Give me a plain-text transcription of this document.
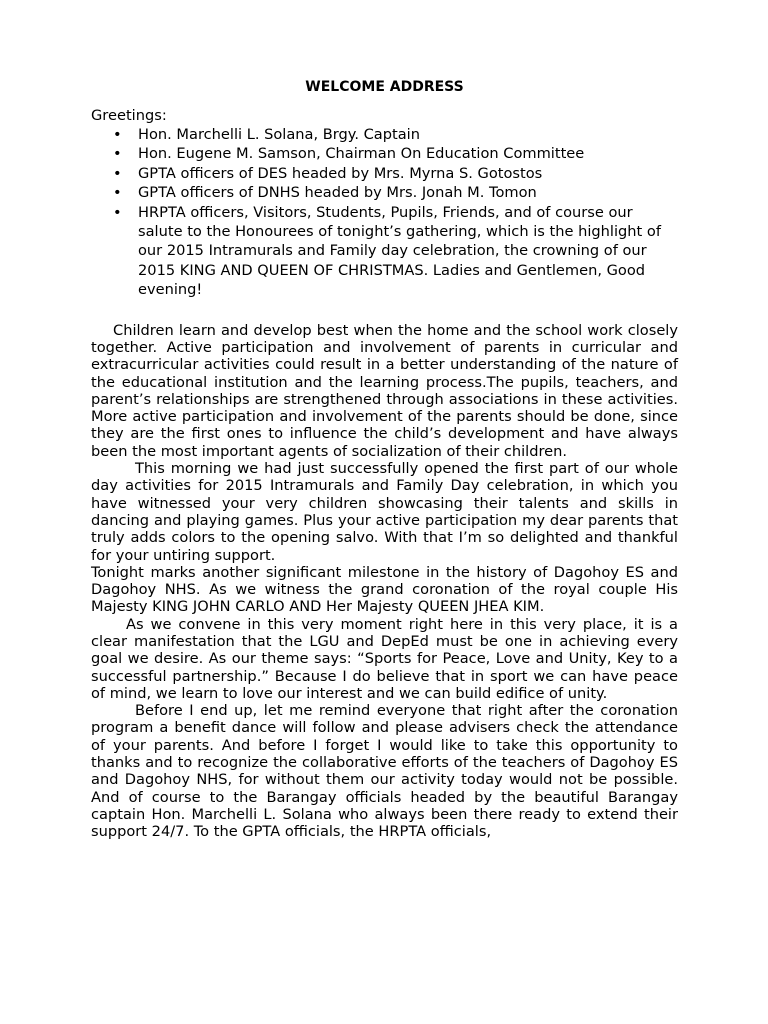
WELCOME ADDRESS

Greetings:

• Hon. Marchelli L. Solana, Brgy. Captain
• Hon. Eugene M. Samson, Chairman On Education Committee
• GPTA officers of DES headed by Mrs. Myrna S. Gotostos
• GPTA officers of DNHS headed by Mrs. Jonah M. Tomon
• HRPTA officers, Visitors, Students, Pupils, Friends, and of course our salute to the Honourees of tonight’s gathering, which is the highlight of our 2015 Intramurals and Family day celebration, the crowning of our 2015 KING AND QUEEN OF CHRISTMAS. Ladies and Gentlemen, Good evening!

Children learn and develop best when the home and the school work closely together. Active participation and involvement of parents in curricular and extracurricular activities could result in a better understanding of the nature of the educational institution and the learning process.The pupils, teachers, and parent’s relationships are strengthened through associations in these activities. More active participation and involvement of the parents should be done, since they are the first ones to influence the child’s development and have always been the most important agents of socialization of their children.

This morning we had just successfully opened the first part of our whole day activities for 2015 Intramurals and Family Day celebration, in which you have witnessed your very children showcasing their talents and skills in dancing and playing games. Plus your active participation my dear parents that truly adds colors to the opening salvo. With that I’m so delighted and thankful for your untiring support.

Tonight marks another significant milestone in the history of Dagohoy ES and Dagohoy NHS. As we witness the grand coronation of the royal couple His Majesty KING JOHN CARLO AND Her Majesty QUEEN JHEA KIM.

As we convene in this very moment right here in this very place, it is a clear manifestation that the LGU and DepEd must be one in achieving every goal we desire. As our theme says: “Sports for Peace, Love and Unity, Key to a successful partnership.” Because I do believe that in sport we can have peace of mind, we learn to love our interest and we can build edifice of unity.

Before I end up, let me remind everyone that right after the coronation program a benefit dance will follow and please advisers check the attendance of your parents. And before I forget I would like to take this opportunity to thanks and to recognize the collaborative efforts of the teachers of Dagohoy ES and Dagohoy NHS, for without them our activity today would not be possible. And of course to the Barangay officials headed by the beautiful Barangay captain Hon. Marchelli L. Solana who always been there ready to extend their support 24/7. To the GPTA officials, the HRPTA officials,
